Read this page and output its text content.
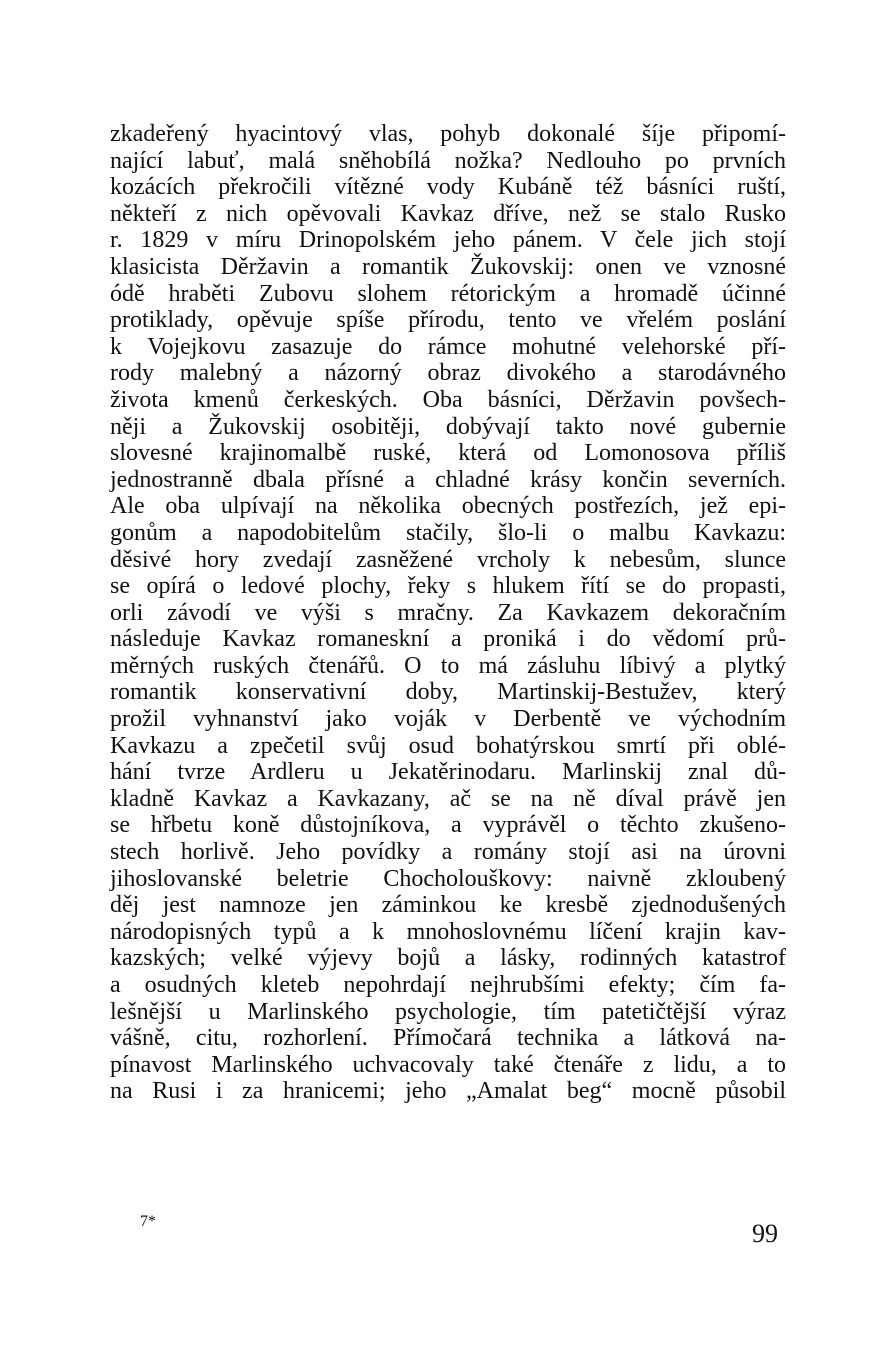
zkadeřený hyacintový vlas, pohyb dokonalé šíje připomí-
nající labuť, malá sněhobílá nožka? Nedlouho po prvních
kozácích překročili vítězné vody Kubáně též básníci ruští,
někteří z nich opěvovali Kavkaz dříve, než se stalo Rusko
r. 1829 v míru Drinopolském jeho pánem. V čele jich stojí
klasicista Děržavin a romantik Žukovskij: onen ve vznosné
ódě hraběti Zubovu slohem rétorickým a hromadě účinné
protiklady, opěvuje spíše přírodu, tento ve vřelém poslání
k Vojejkovu zasazuje do rámce mohutné velehorské pří-
rody malebný a názorný obraz divokého a starodávného
života kmenů čerkeských. Oba básníci, Děržavin povšech-
něji a Žukovskij osobitěji, dobývají takto nové gubernie
slovesné krajinomalbě ruské, která od Lomonosova příliš
jednostranně dbala přísné a chladné krásy končin severních.
Ale oba ulpívají na několika obecných postřezích, jež epi-
gonům a napodobitelům stačily, šlo-li o malbu Kavkazu:
děsivé hory zvedají zasněžené vrcholy k nebesům, slunce
se opírá o ledové plochy, řeky s hlukem řítí se do propasti,
orli závodí ve výši s mračny. Za Kavkazem dekoračním
následuje Kavkaz romaneskní a proniká i do vědomí prů-
měrných ruských čtenářů. O to má zásluhu líbivý a plytký
romantik konservativní doby, Martinskij-Bestužev, který
prožil vyhnanství jako voják v Derbentě ve východním
Kavkazu a zpečetil svůj osud bohatýrskou smrtí při oblé-
hání tvrze Ardleru u Jekatěrinodaru. Marlinskij znal dů-
kladně Kavkaz a Kavkazany, ač se na ně díval právě jen
se hřbetu koně důstojníkova, a vyprávěl o těchto zkušeno-
stech horlivě. Jeho povídky a romány stojí asi na úrovni
jihoslovanské beletrie Chocholouškovy: naivně zkloubený
děj jest namnoze jen záminkou ke kresbě zjednodušených
národopisných typů a k mnohoslovnému líčení krajin kav-
kazských; velké výjevy bojů a lásky, rodinných katastrof
a osudných kleteb nepohrdají nejhrubšími efekty; čím fa-
lešnější u Marlinského psychologie, tím patetičtější výraz
vášně, citu, rozhorlení. Přímočará technika a látková na-
pínavost Marlinského uchvacovaly také čtenáře z lidu, a to
na Rusi i za hranicemi; jeho „Amalat beg“ mocně působil
7*	99
